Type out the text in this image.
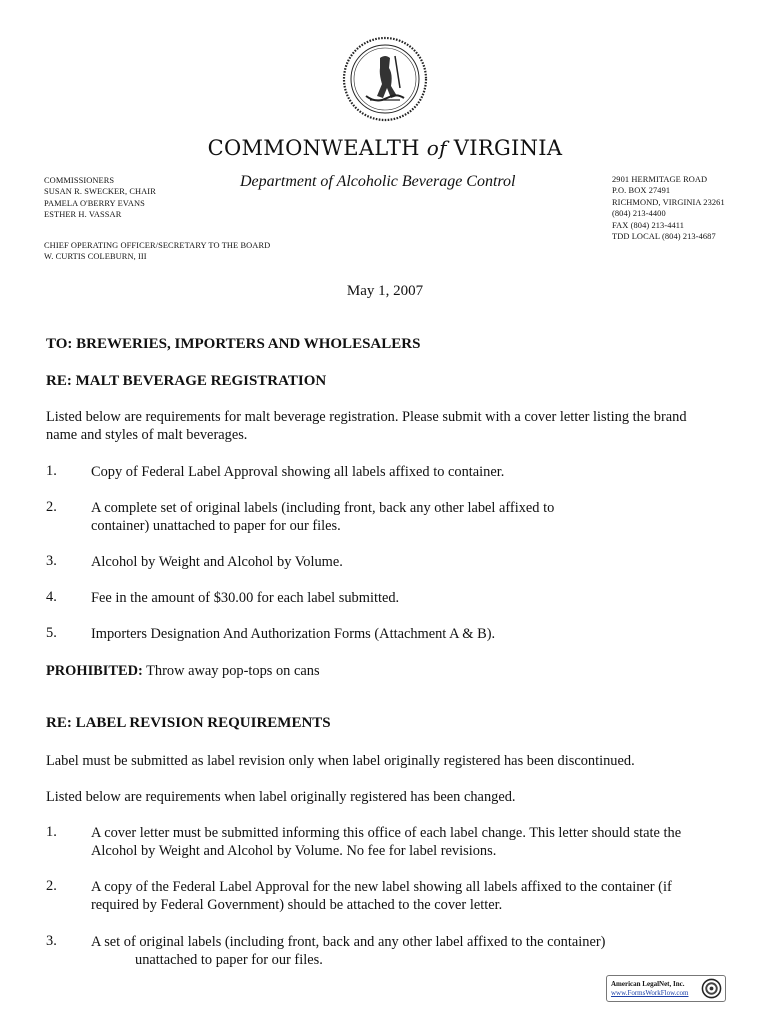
COMMONWEALTH of VIRGINIA
Department of Alcoholic Beverage Control
COMMISSIONERS
SUSAN R. SWECKER, CHAIR
PAMELA O'BERRY EVANS
ESTHER H. VASSAR
2901 HERMITAGE ROAD
P.O. BOX 27491
RICHMOND, VIRGINIA 23261
(804) 213-4400
FAX (804) 213-4411
TDD LOCAL (804) 213-4687
CHIEF OPERATING OFFICER/SECRETARY TO THE BOARD
W. CURTIS COLEBURN, III
May 1, 2007
TO: BREWERIES, IMPORTERS AND WHOLESALERS
RE: MALT BEVERAGE REGISTRATION
Listed below are requirements for malt beverage registration. Please submit with a cover letter listing the brand
name and styles of malt beverages.
1. Copy of Federal Label Approval showing all labels affixed to container.
2. A complete set of original labels (including front, back any other label affixed to
container) unattached to paper for our files.
3. Alcohol by Weight and Alcohol by Volume.
4. Fee in the amount of $30.00 for each label submitted.
5. Importers Designation And Authorization Forms (Attachment A & B).
PROHIBITED: Throw away pop-tops on cans
RE: LABEL REVISION REQUIREMENTS
Label must be submitted as label revision only when label originally registered has been discontinued.
Listed below are requirements when label originally registered has been changed.
1. A cover letter must be submitted informing this office of each label change. This letter should state the
Alcohol by Weight and Alcohol by Volume. No fee for label revisions.
2. A copy of the Federal Label Approval for the new label showing all labels affixed to the container (if
required by Federal Government) should be attached to the cover letter.
3. A set of original labels (including front, back and any other label affixed to the container)
unattached to paper for our files.
American LegalNet, Inc.
www.FormsWorkFlow.com
